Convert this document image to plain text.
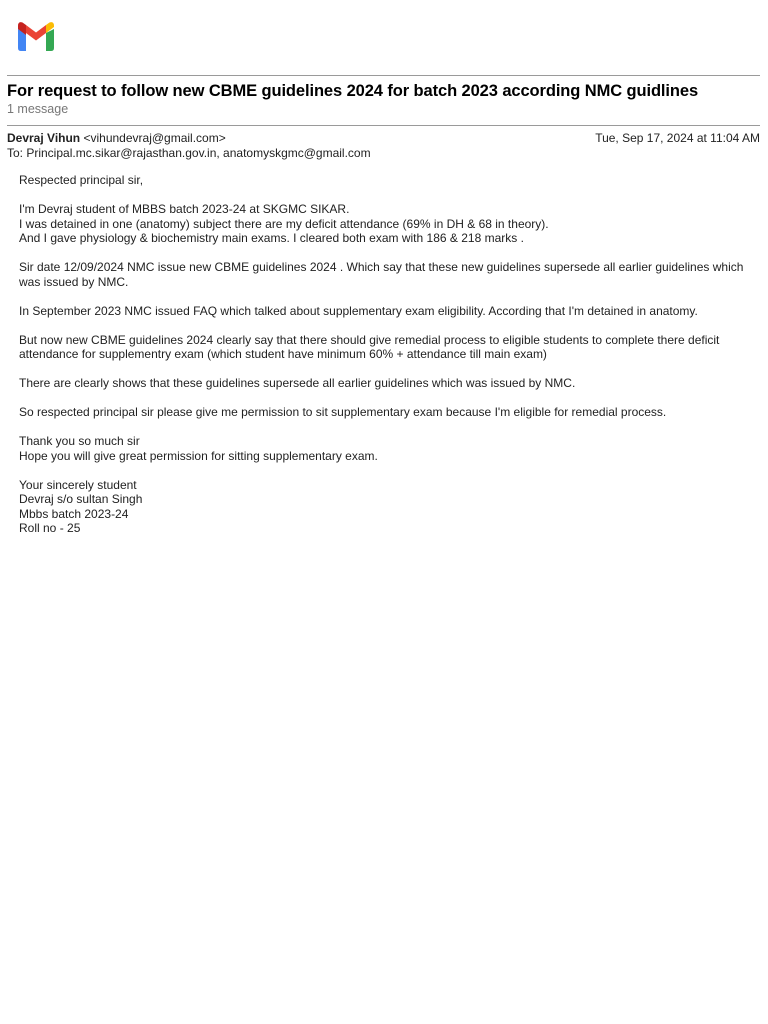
For request to follow new CBME guidelines 2024 for batch 2023 according NMC guidlines
1 message
Devraj Vihun <vihundevraj@gmail.com>	Tue, Sep 17, 2024 at 11:04 AM
To: Principal.mc.sikar@rajasthan.gov.in, anatomyskgmc@gmail.com

Respected principal sir,

I'm Devraj student of MBBS batch 2023-24 at SKGMC SIKAR.
I was detained in one (anatomy) subject there are my deficit attendance (69% in DH & 68 in theory).
And I gave physiology & biochemistry main exams. I cleared both exam with 186 & 218 marks .

Sir date 12/09/2024 NMC issue new CBME guidelines 2024 . Which say that these new guidelines supersede all earlier guidelines which was issued by NMC.

In September 2023 NMC issued FAQ which talked about supplementary exam eligibility. According that I'm detained in anatomy.

But now new CBME guidelines 2024 clearly say that there should give remedial process to eligible students to complete there deficit attendance for supplementry exam (which student have minimum 60% + attendance till main exam)

There are clearly shows that these guidelines supersede all earlier guidelines which was issued by NMC.

So respected principal sir please give me permission to sit supplementary exam because I'm eligible for remedial process.

Thank you so much sir
Hope you will give great permission for sitting supplementary exam.

Your sincerely student
Devraj s/o sultan Singh
Mbbs batch 2023-24
Roll no - 25
